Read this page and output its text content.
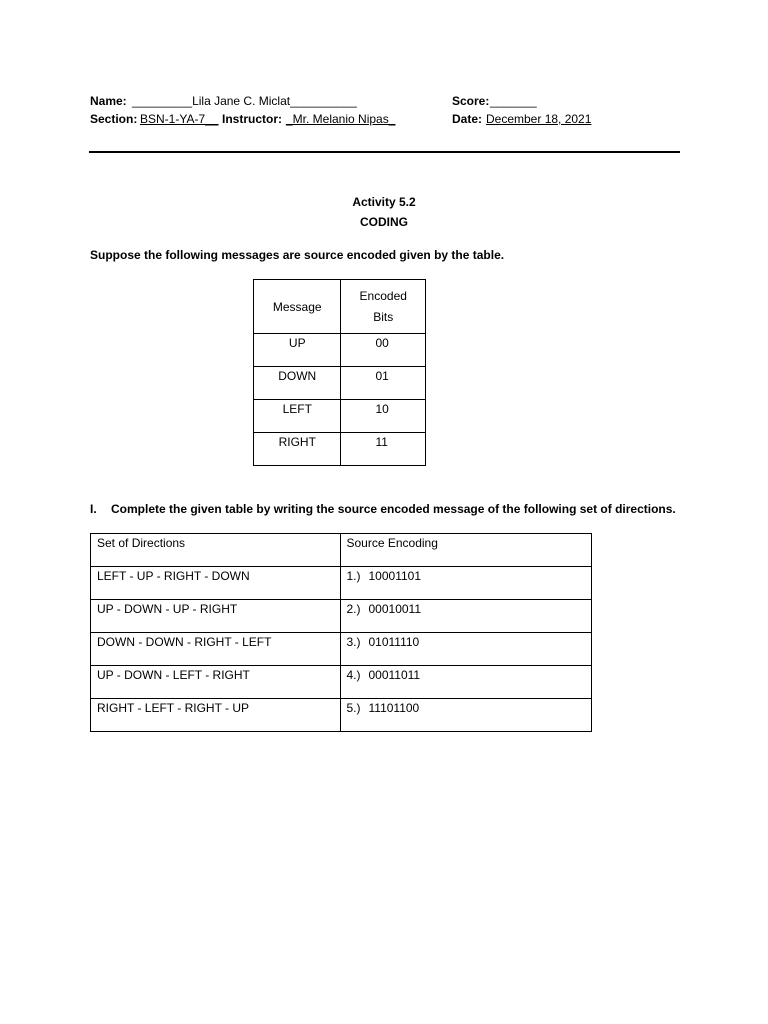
Name: _________Lila Jane C. Miclat__________	Score: _______
Section: BSN-1-YA-7__ Instructor: _Mr. Melanio Nipas_	Date: December 18, 2021
Activity 5.2
CODING
Suppose the following messages are source encoded given by the table.
Message	Encoded
Bits

UP	00
DOWN	01
LEFT	10
RIGHT	11
I. Complete the given table by writing the source encoded message of the following set of directions.
Set of Directions	Source Encoding
LEFT - UP - RIGHT - DOWN	1.) 10001101
UP - DOWN - UP - RIGHT	2.) 00010011
DOWN - DOWN - RIGHT - LEFT	3.) 01011110
UP - DOWN - LEFT - RIGHT	4.) 00011011
RIGHT - LEFT - RIGHT - UP	5.) 11101100
